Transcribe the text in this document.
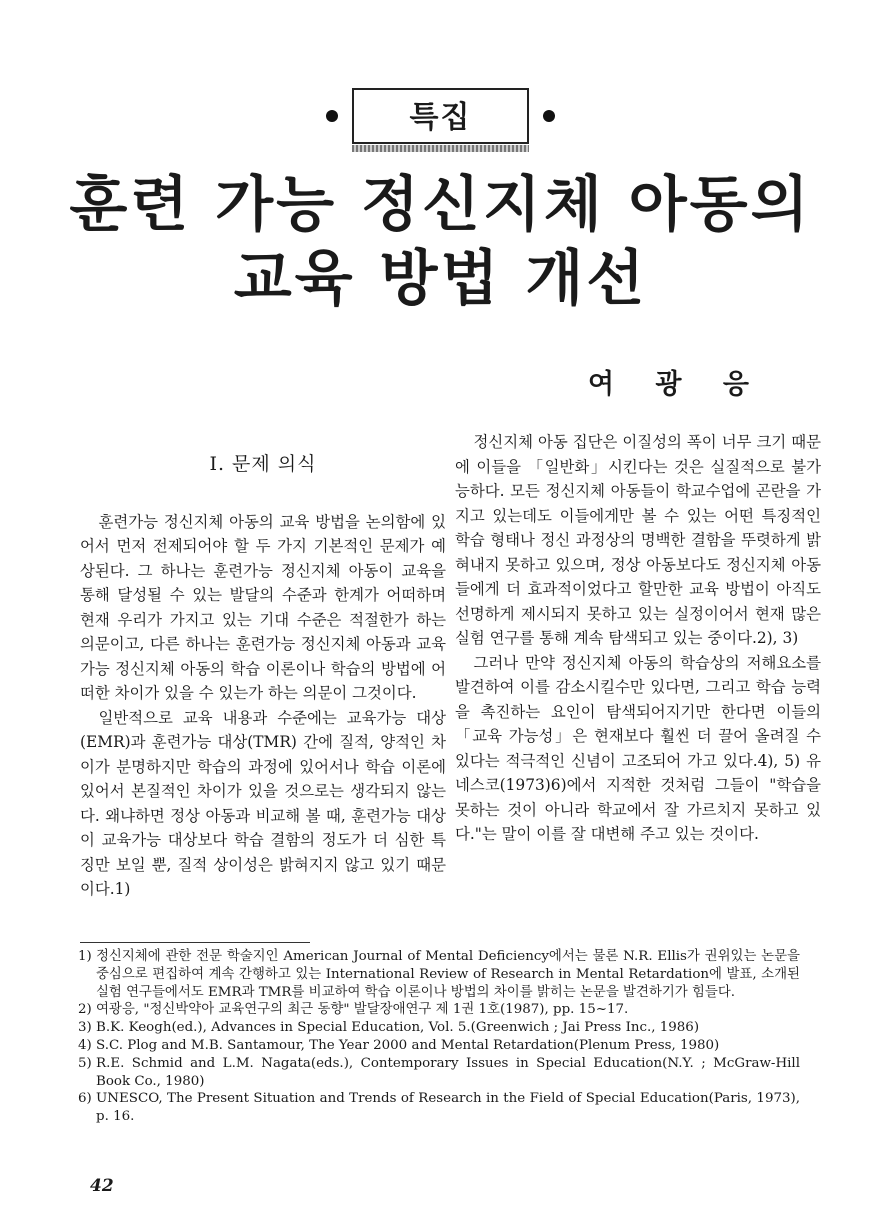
특집
훈련 가능 정신지체 아동의
교육 방법 개선
여 광 응
Ⅰ. 문제 의식

훈련가능 정신지체 아동의 교육 방법을 논의함에 있어서 먼저 전제되어야 할 두 가지 기본적인 문제가 예상된다. 그 하나는 훈련가능 정신지체 아동이 교육을 통해 달성될 수 있는 발달의 수준과 한계가 어떠하며 현재 우리가 가지고 있는 기대 수준은 적절한가 하는 의문이고, 다른 하나는 훈련가능 정신지체 아동과 교육가능 정신지체 아동의 학습 이론이나 학습의 방법에 어떠한 차이가 있을 수 있는가 하는 의문이 그것이다.

일반적으로 교육 내용과 수준에는 교육가능 대상(EMR)과 훈련가능 대상(TMR) 간에 질적, 양적인 차이가 분명하지만 학습의 과정에 있어서나 학습 이론에 있어서 본질적인 차이가 있을 것으로는 생각되지 않는다. 왜냐하면 정상 아동과 비교해 볼 때, 훈련가능 대상이 교육가능 대상보다 학습 결함의 정도가 더 심한 특징만 보일 뿐, 질적 상이성은 밝혀지지 않고 있기 때문이다.1)

정신지체 아동 집단은 이질성의 폭이 너무 크기 때문에 이들을 「일반화」시킨다는 것은 실질적으로 불가능하다. 모든 정신지체 아동들이 학교수업에 곤란을 가지고 있는데도 이들에게만 볼 수 있는 어떤 특징적인 학습 형태나 정신 과정상의 명백한 결함을 뚜렷하게 밝혀내지 못하고 있으며, 정상 아동보다도 정신지체 아동들에게 더 효과적이었다고 할만한 교육 방법이 아직도 선명하게 제시되지 못하고 있는 실정이어서 현재 많은 실험 연구를 통해 계속 탐색되고 있는 중이다.2), 3)

그러나 만약 정신지체 아동의 학습상의 저해요소를 발견하여 이를 감소시킬수만 있다면, 그리고 학습 능력을 촉진하는 요인이 탐색되어지기만 한다면 이들의 「교육 가능성」은 현재보다 훨씬 더 끌어 올려질 수 있다는 적극적인 신념이 고조되어 가고 있다.4), 5) 유네스코(1973)6)에서 지적한 것처럼 그들이 "학습을 못하는 것이 아니라 학교에서 잘 가르치지 못하고 있다."는 말이 이를 잘 대변해 주고 있는 것이다.

1) 정신지체에 관한 전문 학술지인 American Journal of Mental Deficiency에서는 물론 N.R. Ellis가 권위있는 논문을 중심으로 편집하여 계속 간행하고 있는 International Review of Research in Mental Retardation에 발표, 소개된 실험 연구들에서도 EMR과 TMR를 비교하여 학습 이론이나 방법의 차이를 밝히는 논문을 발견하기가 힘들다.
2) 여광응, "정신박약아 교육연구의 최근 동향" 발달장애연구 제 1권 1호(1987), pp. 15~17.
3) B.K. Keogh(ed.), Advances in Special Education, Vol. 5.(Greenwich ; Jai Press Inc., 1986)
4) S.C. Plog and M.B. Santamour, The Year 2000 and Mental Retardation(Plenum Press, 1980)
5) R.E. Schmid and L.M. Nagata(eds.), Contemporary Issues in Special Education(N.Y. ; McGraw-Hill Book Co., 1980)
6) UNESCO, The Present Situation and Trends of Research in the Field of Special Education(Paris, 1973), p. 16.
42
